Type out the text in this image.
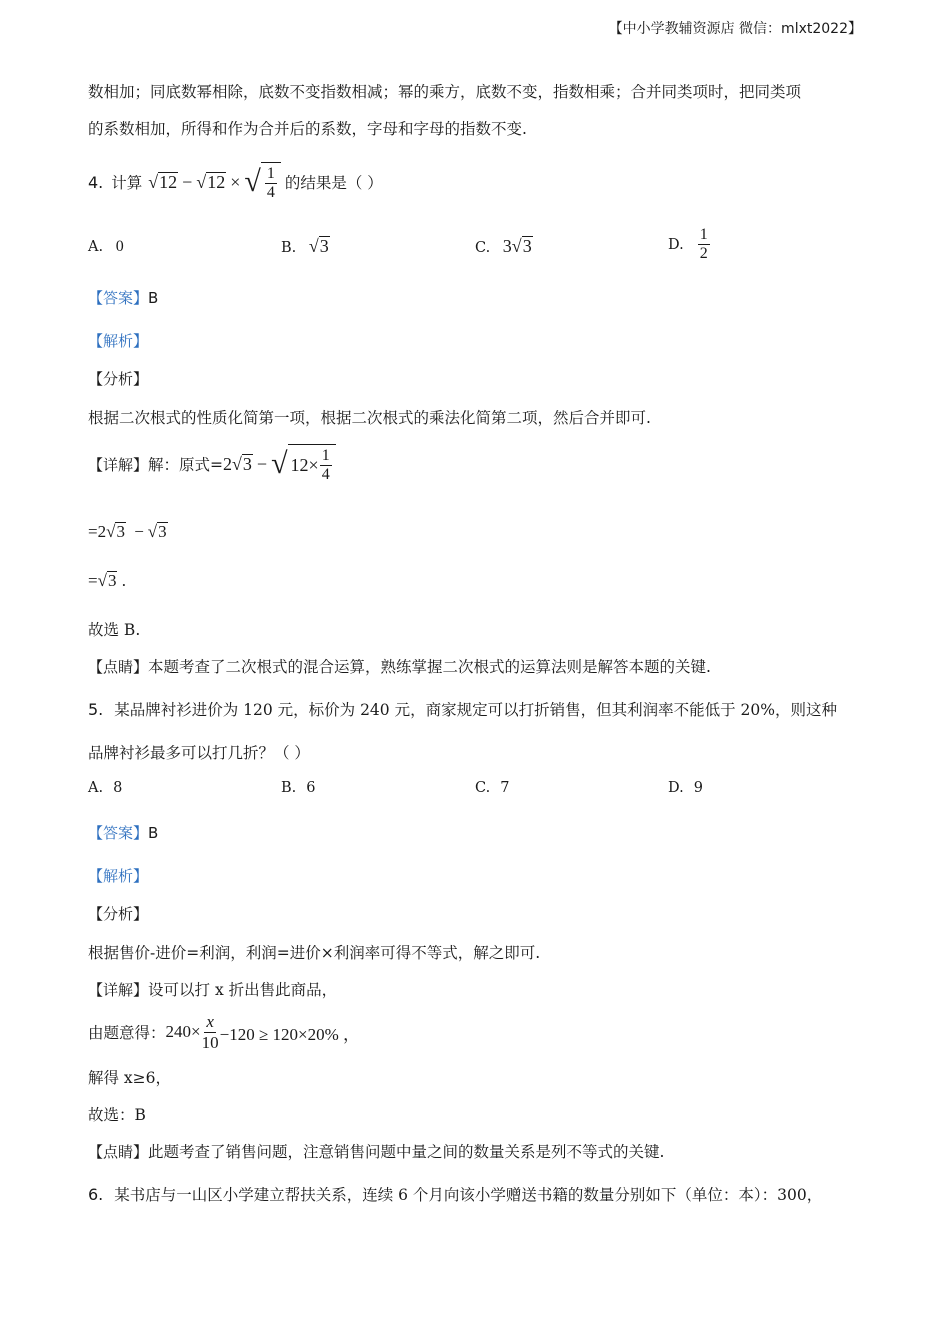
【中小学教辅资源店 微信：mlxt2022】
数相加；同底数幂相除，底数不变指数相减；幂的乘方，底数不变，指数相乘；合并同类项时，把同类项
的系数相加，所得和作为合并后的系数，字母和字母的指数不变.
4. 计算 √ 12 − √ 12 × √ $\frac{1}{4}$ 的结果是（ ）
A. 0	B. √3	C. 3√3	D. $\frac{1}{2}$
【答案】B
【解析】
【分析】
根据二次根式的性质化简第一项，根据二次根式的乘法化简第二项，然后合并即可.
【详解】 解：原式= 2 √ 3 − √ $12 \times \frac{1}{4}$
=2√3 − √3
=√3 .
故选 B.
【点睛】本题考查了二次根式的混合运算，熟练掌握二次根式的运算法则是解答本题的关键.
5. 某品牌衬衫进价为 120 元，标价为 240 元，商家规定可以打折销售，但其利润率不能低于 20%，则这种
品牌衬衫最多可以打几折？（ ）
A. 8	B. 6	C. 7	D. 9
【答案】B
【解析】
【分析】
根据售价-进价=利润，利润=进价×利润率可得不等式，解之即可.
【详解】设可以打 x 折出售此商品，
由题意得： $240\times \frac{x}{10} -120 \ge 120\times 20\%$ ，
解得 x≥6，
故选：B
【点睛】此题考查了销售问题，注意销售问题中量之间的数量关系是列不等式的关键.
6. 某书店与一山区小学建立帮扶关系，连续 6 个月向该小学赠送书籍的数量分别如下（单位：本）：300，
